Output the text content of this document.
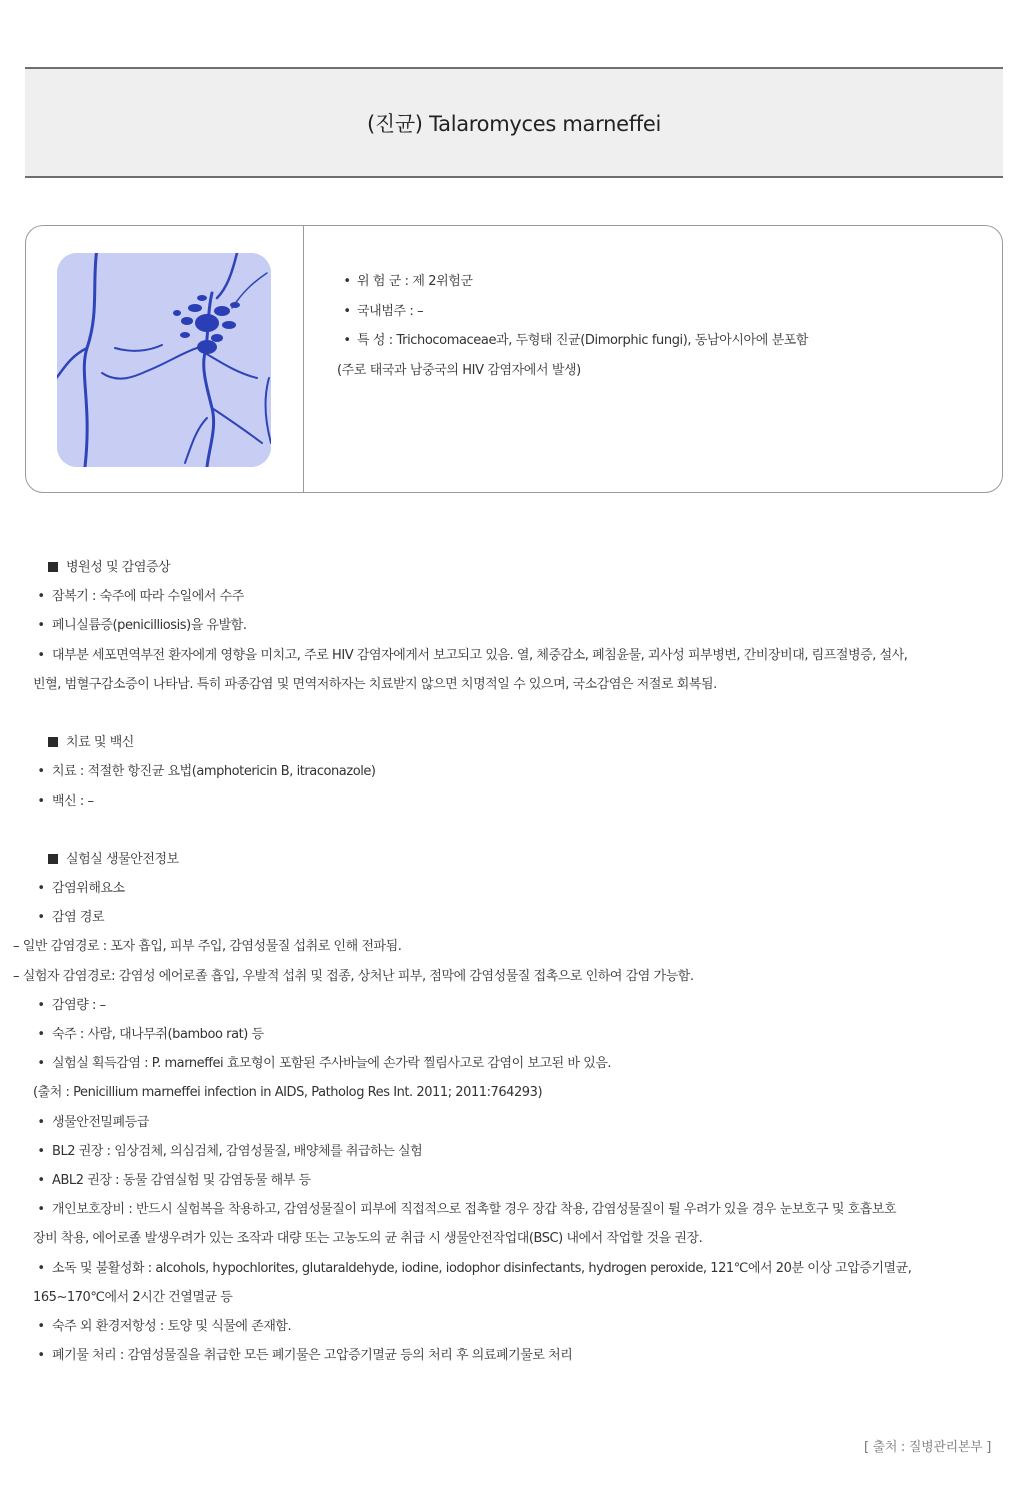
(진균) Talaromyces marneffei
• 위 험 군 : 제 2위험군
• 국내범주 : –
• 특 성 : Trichocomaceae과, 두형태 진균(Dimorphic fungi), 동남아시아에 분포함
(주로 태국과 남중국의 HIV 감염자에서 발생)
병원성 및 감염증상
• 잠복기 : 숙주에 따라 수일에서 수주
• 페니실륨증(penicilliosis)을 유발함.
• 대부분 세포면역부전 환자에게 영향을 미치고, 주로 HIV 감염자에게서 보고되고 있음. 열, 체중감소, 폐침윤물, 괴사성 피부병변, 간비장비대, 림프절병증, 설사,
빈혈, 범혈구감소증이 나타남. 특히 파종감염 및 면역저하자는 치료받지 않으면 치명적일 수 있으며, 국소감염은 저절로 회복됨.
치료 및 백신
• 치료 : 적절한 항진균 요법(amphotericin B, itraconazole)
• 백신 : –
실험실 생물안전정보
• 감염위해요소
• 감염 경로
– 일반 감염경로 : 포자 흡입, 피부 주입, 감염성물질 섭취로 인해 전파됨.
– 실험자 감염경로: 감염성 에어로졸 흡입, 우발적 섭취 및 접종, 상처난 피부, 점막에 감염성물질 접촉으로 인하여 감염 가능함.
• 감염량 : –
• 숙주 : 사람, 대나무쥐(bamboo rat) 등
• 실험실 획득감염 : P. marneffei 효모형이 포함된 주사바늘에 손가락 찔림사고로 감염이 보고된 바 있음.
(출처 : Penicillium marneffei infection in AIDS, Patholog Res Int. 2011; 2011:764293)
• 생물안전밀폐등급
• BL2 권장 : 임상검체, 의심검체, 감염성물질, 배양체를 취급하는 실험
• ABL2 권장 : 동물 감염실험 및 감염동물 해부 등
• 개인보호장비 : 반드시 실험복을 착용하고, 감염성물질이 피부에 직접적으로 접촉할 경우 장갑 착용, 감염성물질이 튈 우려가 있을 경우 눈보호구 및 호흡보호
장비 착용, 에어로졸 발생우려가 있는 조작과 대량 또는 고농도의 균 취급 시 생물안전작업대(BSC) 내에서 작업할 것을 권장.
• 소독 및 불활성화 : alcohols, hypochlorites, glutaraldehyde, iodine, iodophor disinfectants, hydrogen peroxide, 121℃에서 20분 이상 고압증기멸균,
165~170℃에서 2시간 건열멸균 등
• 숙주 외 환경저항성 : 토양 및 식물에 존재함.
• 폐기물 처리 : 감염성물질을 취급한 모든 폐기물은 고압증기멸균 등의 처리 후 의료폐기물로 처리
[ 출처 : 질병관리본부 ]
